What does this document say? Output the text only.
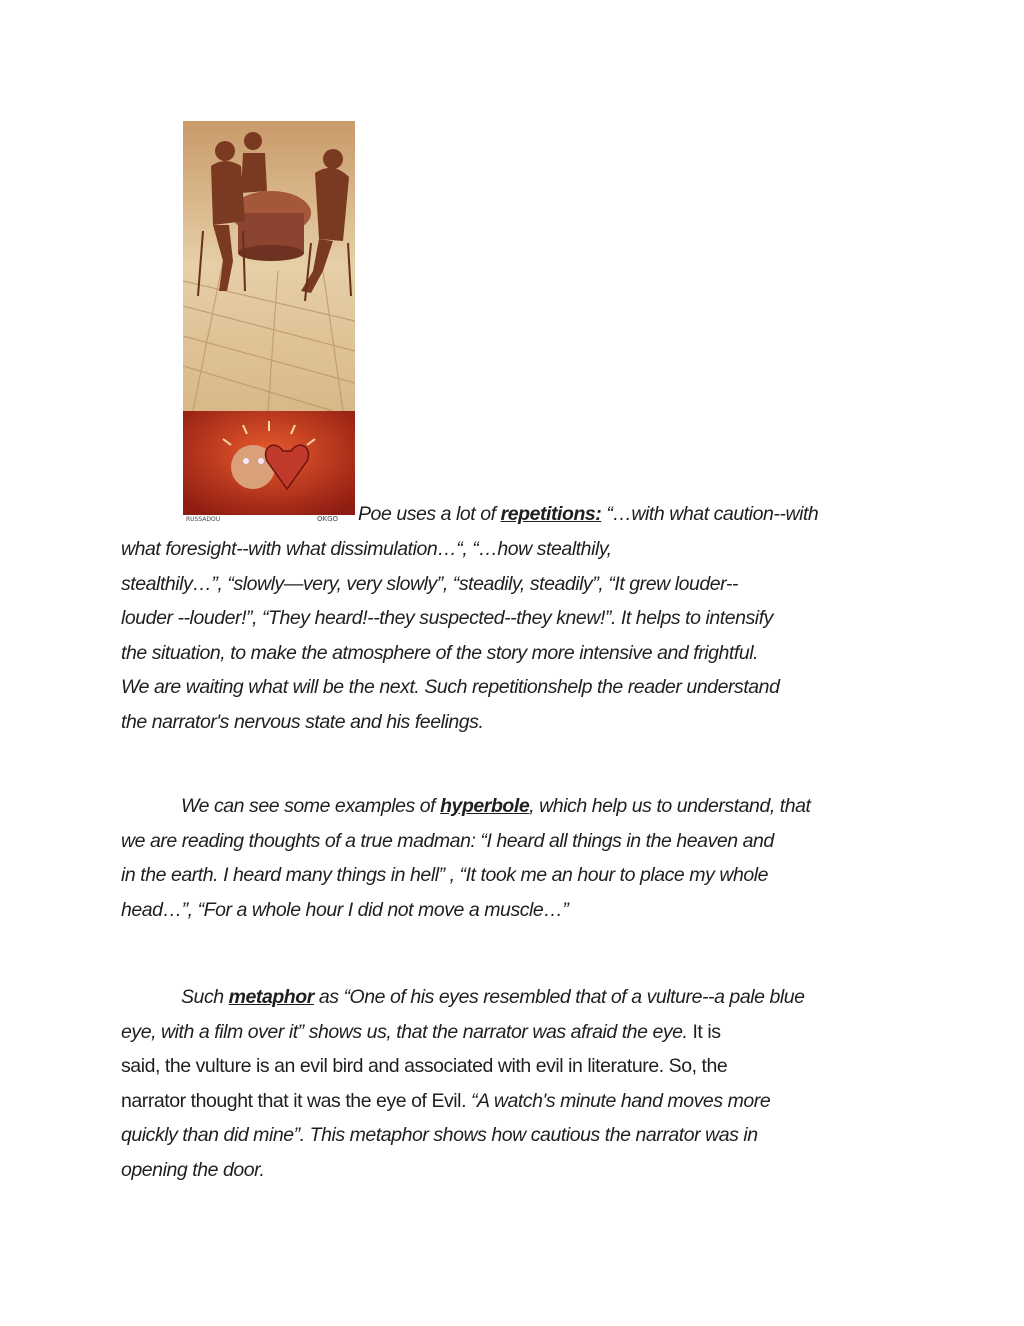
RUSSADOU	OKGO Poe uses a lot of repetitions: “…with what caution--with

what foresight--with what dissimulation…“, “…how stealthily,
stealthily…”, “slowly—very, very slowly”, “steadily, steadily”, “It grew louder--
louder --louder!”, “They heard!--they suspected--they knew!”. It helps to intensify
the situation, to make the atmosphere of the story more intensive and frightful.
We are waiting what will be the next. Such repetitionshelp the reader understand
the narrator's nervous state and his feelings.
We can see some examples of hyperbole, which help us to understand, that
we are reading thoughts of a true madman: “I heard all things in the heaven and
in the earth. I heard many things in hell” , “It took me an hour to place my whole
head…”, “For a whole hour I did not move a muscle…”
Such metaphor as “One of his eyes resembled that of a vulture--a pale blue
eye, with a film over it” shows us, that the narrator was afraid the eye. It is
said, the vulture is an evil bird and associated with evil in literature. So, the
narrator thought that it was the eye of Evil. “A watch's minute hand moves more
quickly than did mine”. This metaphor shows how cautious the narrator was in
opening the door.
